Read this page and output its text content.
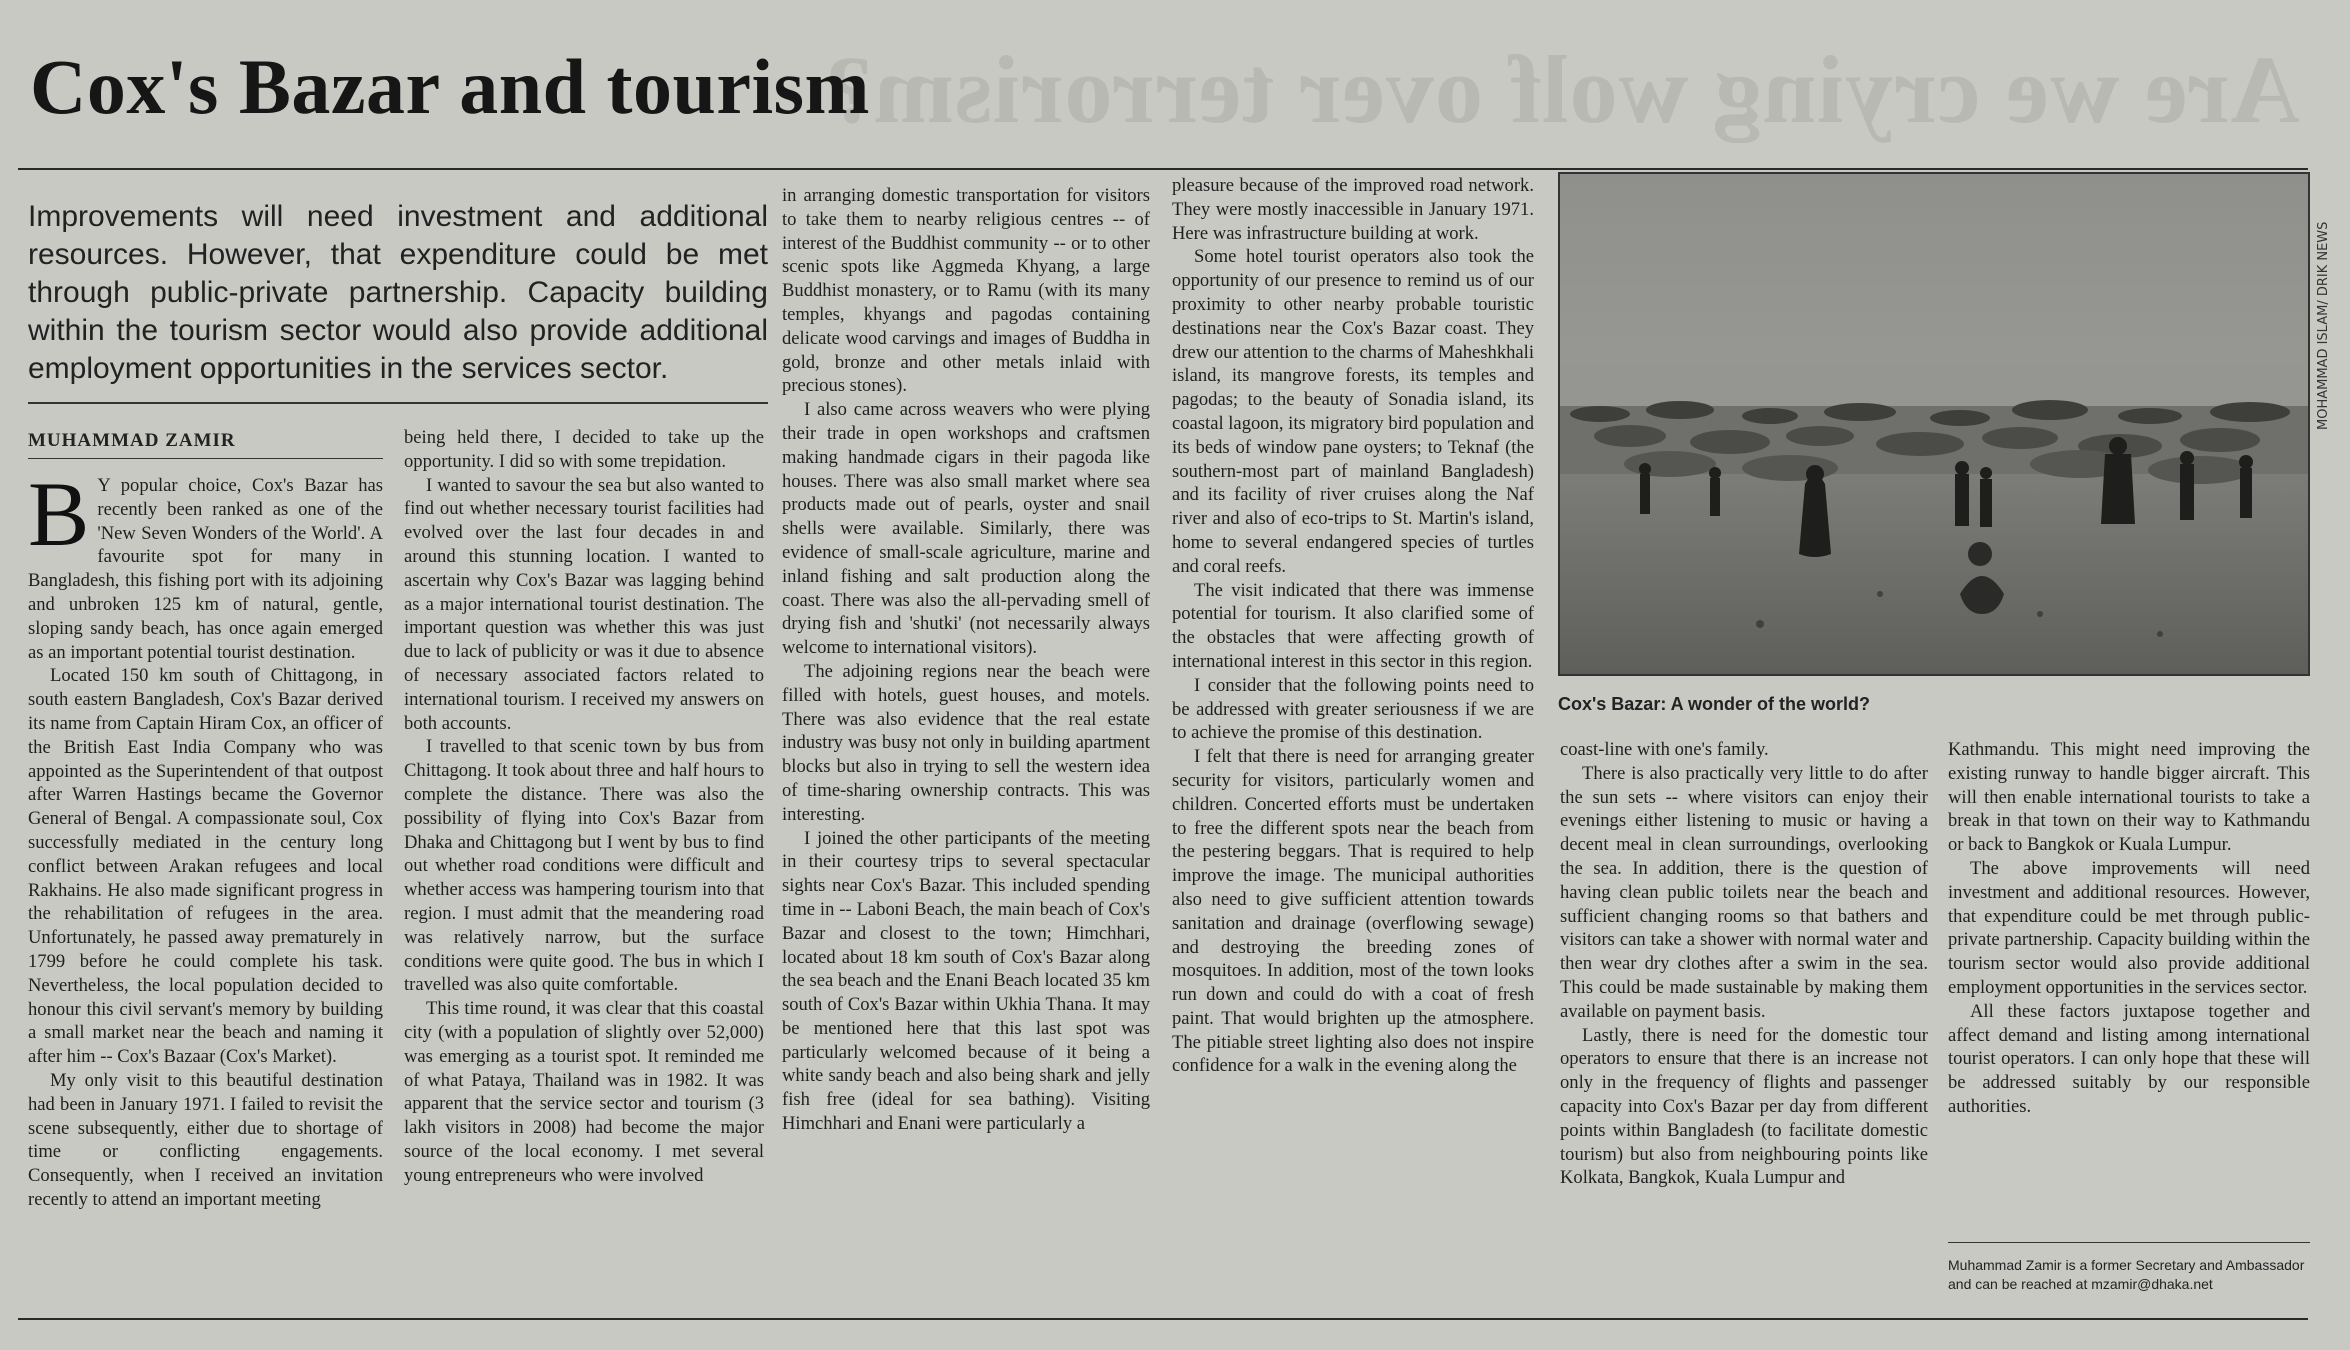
Are we crying wolf over terrorism?
Cox's Bazar and tourism
Improvements will need investment and additional resources. However, that expenditure could be met through public-private partnership. Capacity building within the tourism sector would also provide additional employment opportunities in the services sector.
MUHAMMAD ZAMIR

B Y popular choice, Cox's Bazar has recently been ranked as one of the 'New Seven Wonders of the World'. A favourite spot for many in Bangladesh, this fishing port with its adjoining and unbroken 125 km of natural, gentle, sloping sandy beach, has once again emerged as an important potential tourist destination.

Located 150 km south of Chittagong, in south eastern Bangladesh, Cox's Bazar derived its name from Captain Hiram Cox, an officer of the British East India Company who was appointed as the Superintendent of that outpost after Warren Hastings became the Governor General of Bengal. A compassionate soul, Cox successfully mediated in the century long conflict between Arakan refugees and local Rakhains. He also made significant progress in the rehabilitation of refugees in the area. Unfortunately, he passed away prematurely in 1799 before he could complete his task. Nevertheless, the local population decided to honour this civil servant's memory by building a small market near the beach and naming it after him -- Cox's Bazaar (Cox's Market).

My only visit to this beautiful destination had been in January 1971. I failed to revisit the scene subsequently, either due to shortage of time or conflicting engagements. Consequently, when I received an invitation recently to attend an important meeting

being held there, I decided to take up the opportunity. I did so with some trepidation.

I wanted to savour the sea but also wanted to find out whether necessary tourist facilities had evolved over the last four decades in and around this stunning location. I wanted to ascertain why Cox's Bazar was lagging behind as a major international tourist destination. The important question was whether this was just due to lack of publicity or was it due to absence of necessary associated factors related to international tourism. I received my answers on both accounts.

I travelled to that scenic town by bus from Chittagong. It took about three and half hours to complete the distance. There was also the possibility of flying into Cox's Bazar from Dhaka and Chittagong but I went by bus to find out whether road conditions were difficult and whether access was hampering tourism into that region. I must admit that the meandering road was relatively narrow, but the surface conditions were quite good. The bus in which I travelled was also quite comfortable.

This time round, it was clear that this coastal city (with a population of slightly over 52,000) was emerging as a tourist spot. It reminded me of what Pataya, Thailand was in 1982. It was apparent that the service sector and tourism (3 lakh visitors in 2008) had become the major source of the local economy. I met several young entrepreneurs who were involved

in arranging domestic transportation for visitors to take them to nearby religious centres -- of interest of the Buddhist community -- or to other scenic spots like Aggmeda Khyang, a large Buddhist monastery, or to Ramu (with its many temples, khyangs and pagodas containing delicate wood carvings and images of Buddha in gold, bronze and other metals inlaid with precious stones).

I also came across weavers who were plying their trade in open workshops and craftsmen making handmade cigars in their pagoda like houses. There was also small market where sea products made out of pearls, oyster and snail shells were available. Similarly, there was evidence of small-scale agriculture, marine and inland fishing and salt production along the coast. There was also the all-pervading smell of drying fish and 'shutki' (not necessarily always welcome to international visitors).

The adjoining regions near the beach were filled with hotels, guest houses, and motels. There was also evidence that the real estate industry was busy not only in building apartment blocks but also in trying to sell the western idea of time-sharing ownership contracts. This was interesting.

I joined the other participants of the meeting in their courtesy trips to several spectacular sights near Cox's Bazar. This included spending time in -- Laboni Beach, the main beach of Cox's Bazar and closest to the town; Himchhari, located about 18 km south of Cox's Bazar along the sea beach and the Enani Beach located 35 km south of Cox's Bazar within Ukhia Thana. It may be mentioned here that this last spot was particularly welcomed because of it being a white sandy beach and also being shark and jelly fish free (ideal for sea bathing). Visiting Himchhari and Enani were particularly a

pleasure because of the improved road network. They were mostly inaccessible in January 1971. Here was infrastructure building at work.

Some hotel tourist operators also took the opportunity of our presence to remind us of our proximity to other nearby probable touristic destinations near the Cox's Bazar coast. They drew our attention to the charms of Maheshkhali island, its mangrove forests, its temples and pagodas; to the beauty of Sonadia island, its coastal lagoon, its migratory bird population and its beds of window pane oysters; to Teknaf (the southern-most part of mainland Bangladesh) and its facility of river cruises along the Naf river and also of eco-trips to St. Martin's island, home to several endangered species of turtles and coral reefs.

The visit indicated that there was immense potential for tourism. It also clarified some of the obstacles that were affecting growth of international interest in this sector in this region.

I consider that the following points need to be addressed with greater seriousness if we are to achieve the promise of this destination.

I felt that there is need for arranging greater security for visitors, particularly women and children. Concerted efforts must be undertaken to free the different spots near the beach from the pestering beggars. That is required to help improve the image. The municipal authorities also need to give sufficient attention towards sanitation and drainage (overflowing sewage) and destroying the breeding zones of mosquitoes. In addition, most of the town looks run down and could do with a coat of fresh paint. That would brighten up the atmosphere. The pitiable street lighting also does not inspire confidence for a walk in the evening along the

MOHAMMAD ISLAM/ DRIK NEWS
Cox's Bazar: A wonder of the world?

coast-line with one's family.

There is also practically very little to do after the sun sets -- where visitors can enjoy their evenings either listening to music or having a decent meal in clean surroundings, overlooking the sea. In addition, there is the question of having clean public toilets near the beach and sufficient changing rooms so that bathers and visitors can take a shower with normal water and then wear dry clothes after a swim in the sea. This could be made sustainable by making them available on payment basis.

Lastly, there is need for the domestic tour operators to ensure that there is an increase not only in the frequency of flights and passenger capacity into Cox's Bazar per day from different points within Bangladesh (to facilitate domestic tourism) but also from neighbouring points like Kolkata, Bangkok, Kuala Lumpur and

Kathmandu. This might need improving the existing runway to handle bigger aircraft. This will then enable international tourists to take a break in that town on their way to Kathmandu or back to Bangkok or Kuala Lumpur.

The above improvements will need investment and additional resources. However, that expenditure could be met through public-private partnership. Capacity building within the tourism sector would also provide additional employment opportunities in the services sector.

All these factors juxtapose together and affect demand and listing among international tourist operators. I can only hope that these will be addressed suitably by our responsible authorities.

Muhammad Zamir is a former Secretary and Ambassador and can be reached at mzamir@dhaka.net
